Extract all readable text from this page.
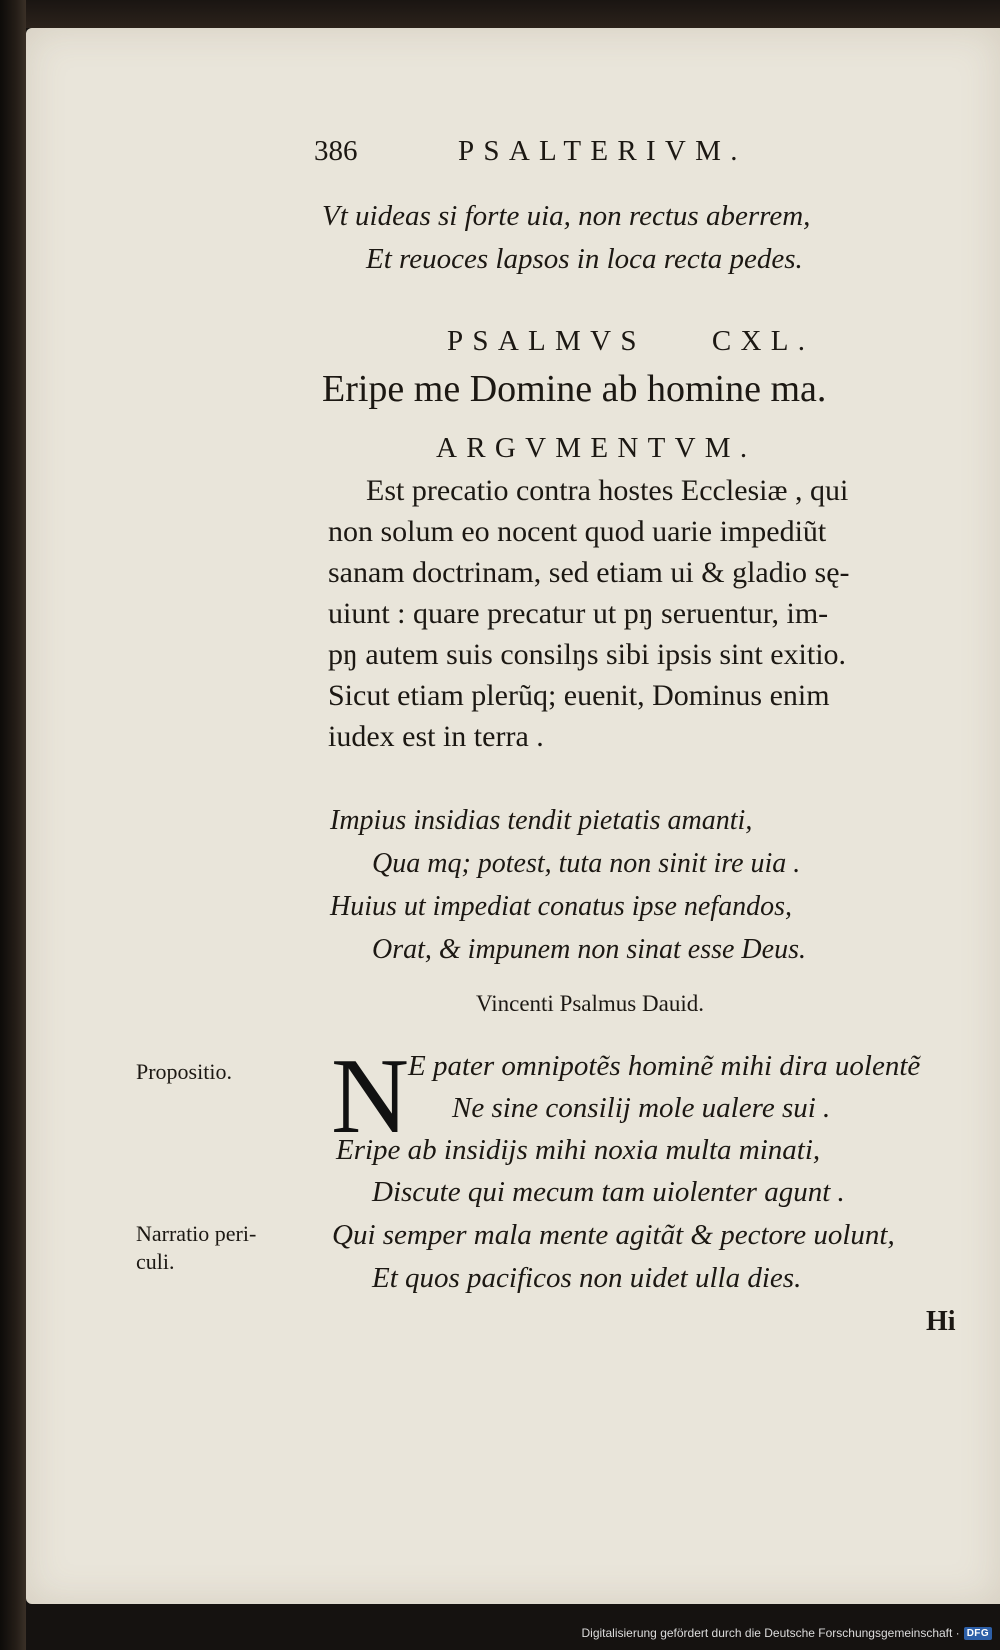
386	PSALTERIVM.
Vt uideas si forte uia, non rectus aberrem,
Et reuoces lapsos in loca recta pedes.
PSALMVS    CXL.
Eripe me Domine ab homine ma.
ARGVMENTVM.
Est precatio contra hostes Ecclesiæ , qui
non solum eo nocent quod uarie impediũt
sanam doctrinam, sed etiam ui & gladio sę-
uiunt : quare precatur ut pŋ seruentur, im-
pŋ autem suis consilŋs sibi ipsis sint exitio.
Sicut etiam plerũq; euenit, Dominus enim
iudex est in terra .
Impius insidias tendit pietatis amanti,
Qua mq; potest, tuta non sinit ire uia .
Huius ut impediat conatus ipse nefandos,
Orat, & impunem non sinat esse Deus.
Vincenti Psalmus Dauid.
Propositio.
Narratio peri-
culi.
N E pater omnipotẽs hominẽ mihi dira uolentẽ
Ne sine consilij mole ualere sui .
Eripe ab insidijs mihi noxia multa minati,
Discute qui mecum tam uiolenter agunt .
Qui semper mala mente agitãt & pectore uolunt,
Et quos pacificos non uidet ulla dies.
Hi
Digitalisierung gefördert durch die Deutsche Forschungsgemeinschaft · DFG
